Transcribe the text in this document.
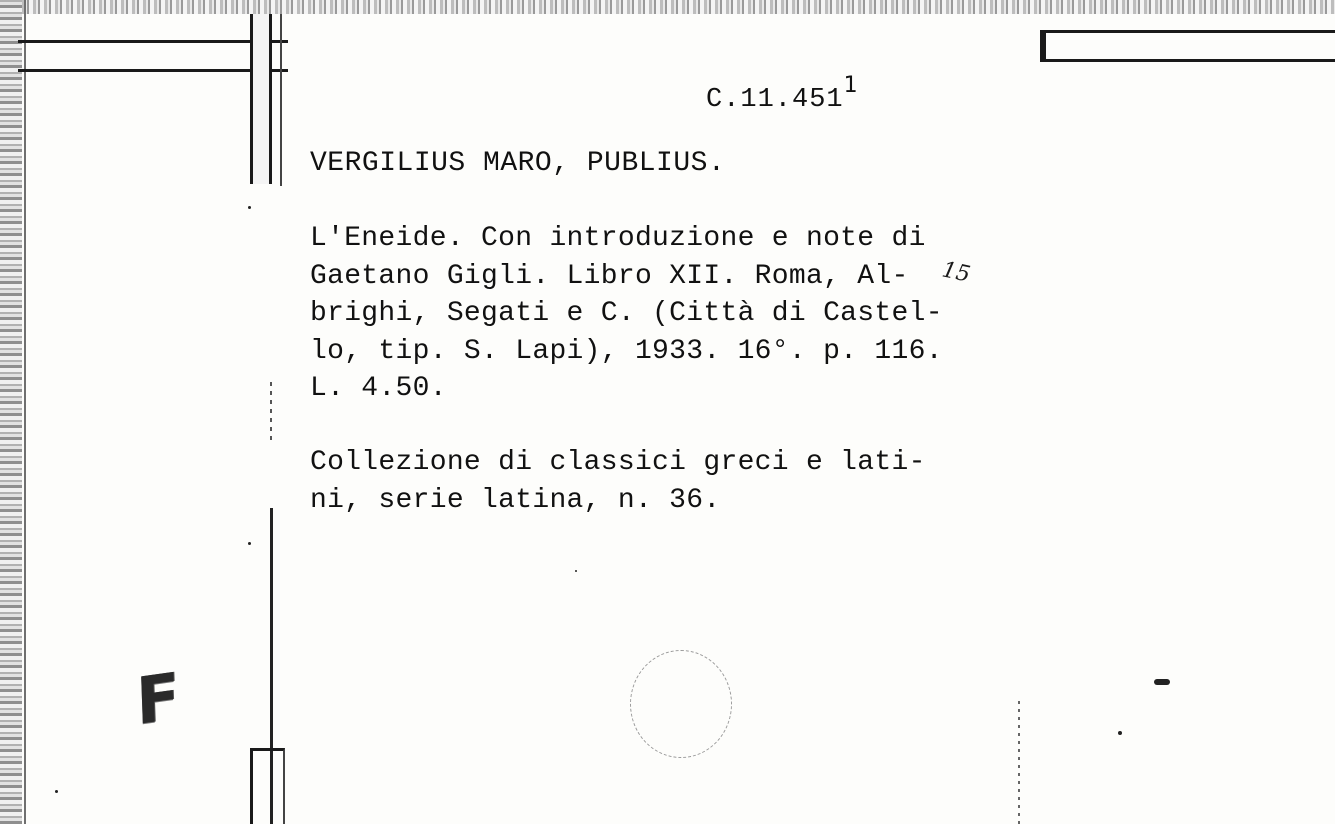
F
C.11.451$^1$
VERGILIUS MARO, PUBLIUS.
L'Eneide. Con introduzione e note di
Gaetano Gigli. Libro XII. Roma, Al-
brighi, Segati e C. (Città di Castel-
lo, tip. S. Lapi), 1933. 16°. p. 116.
L. 4.50.
15
Collezione di classici greci e lati-
ni, serie latina, n. 36.
